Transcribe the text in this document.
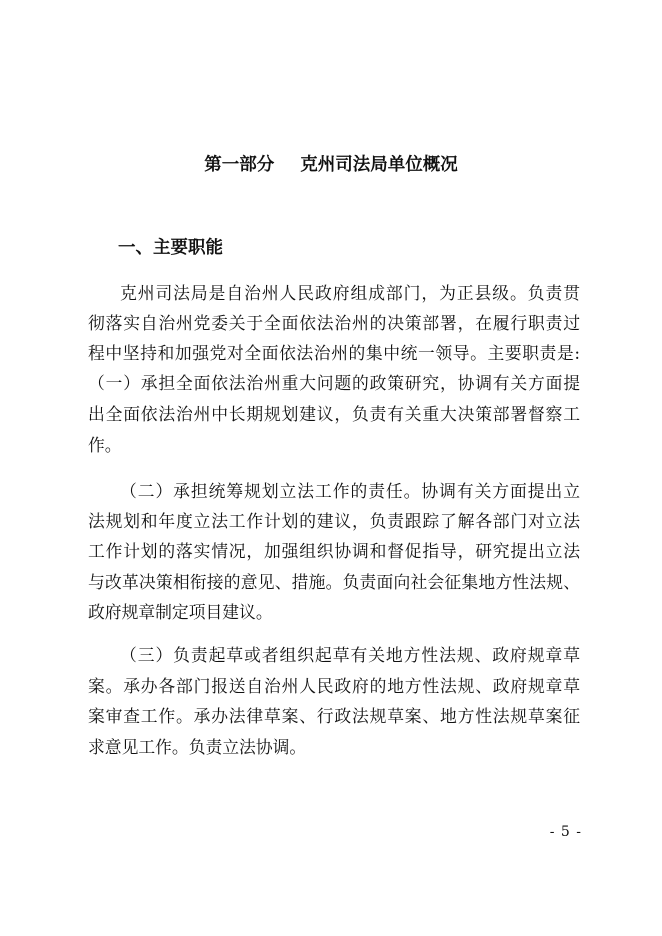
第一部分 克州司法局单位概况
一、主要职能
克州司法局是自治州人民政府组成部门，为正县级。负责贯
彻落实自治州党委关于全面依法治州的决策部署，在履行职责过
程中坚持和加强党对全面依法治州的集中统一领导。主要职责是:
（一）承担全面依法治州重大问题的政策研究，协调有关方面提
出全面依法治州中长期规划建议，负责有关重大决策部署督察工
作。
（二）承担统筹规划立法工作的责任。协调有关方面提出立
法规划和年度立法工作计划的建议，负责跟踪了解各部门对立法
工作计划的落实情况，加强组织协调和督促指导，研究提出立法
与改革决策相衔接的意见、措施。负责面向社会征集地方性法规、
政府规章制定项目建议。
（三）负责起草或者组织起草有关地方性法规、政府规章草
案。承办各部门报送自治州人民政府的地方性法规、政府规章草
案审查工作。承办法律草案、行政法规草案、地方性法规草案征
求意见工作。负责立法协调。
- 5 -
